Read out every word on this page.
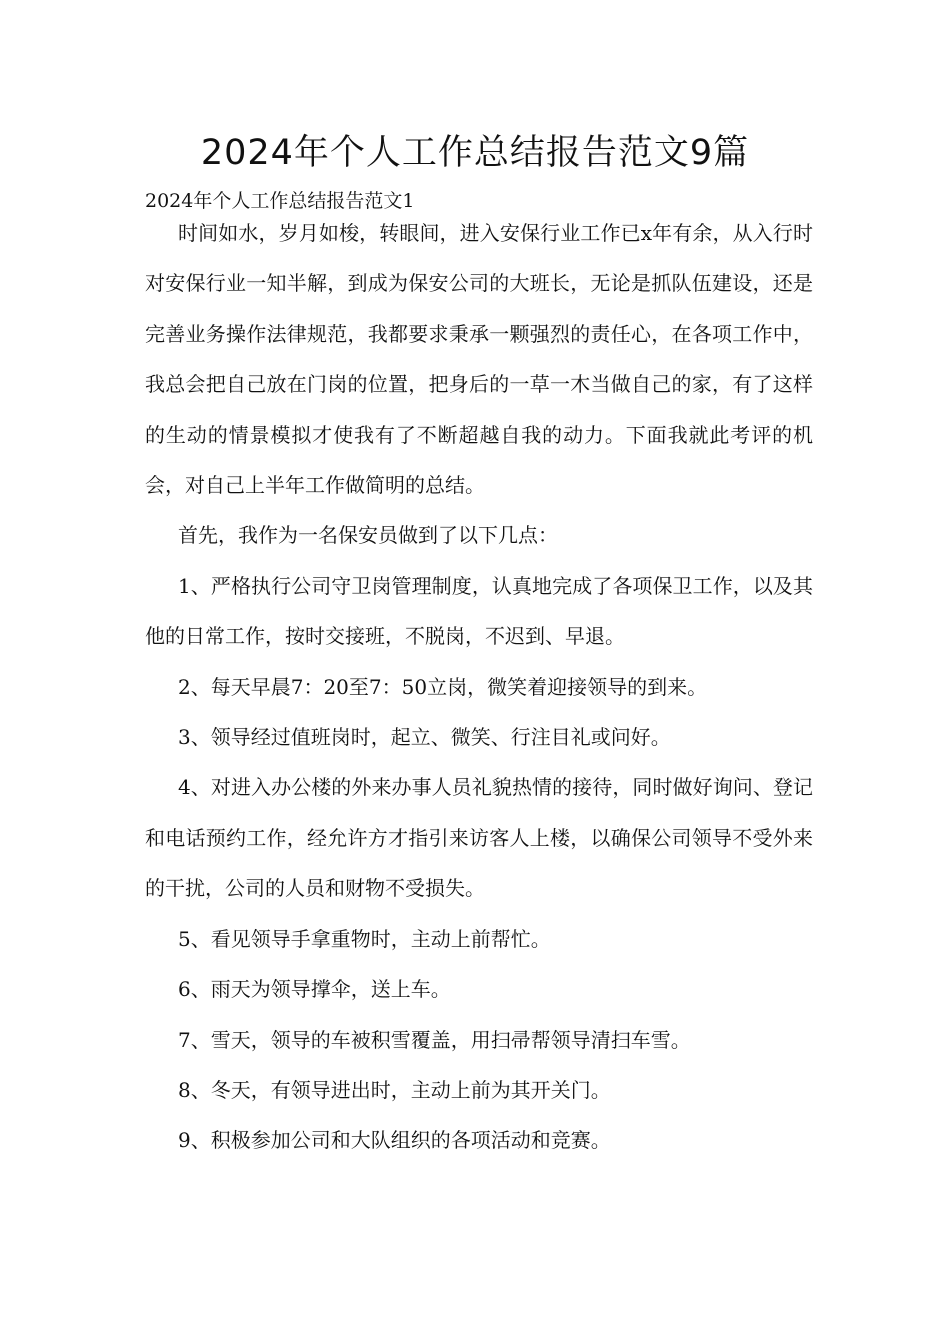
2024年个人工作总结报告范文9篇

2024年个人工作总结报告范文1

时间如水，岁月如梭，转眼间，进入安保行业工作已x年有余，从入行时对安保行业一知半解，到成为保安公司的大班长，无论是抓队伍建设，还是完善业务操作法律规范，我都要求秉承一颗强烈的责任心，在各项工作中，我总会把自己放在门岗的位置，把身后的一草一木当做自己的家，有了这样的生动的情景模拟才使我有了不断超越自我的动力。下面我就此考评的机会，对自己上半年工作做简明的总结。

首先，我作为一名保安员做到了以下几点：

1、严格执行公司守卫岗管理制度，认真地完成了各项保卫工作，以及其他的日常工作，按时交接班，不脱岗，不迟到、早退。

2、每天早晨7：20至7：50立岗，微笑着迎接领导的到来。

3、领导经过值班岗时，起立、微笑、行注目礼或问好。

4、对进入办公楼的外来办事人员礼貌热情的接待，同时做好询问、登记和电话预约工作，经允许方才指引来访客人上楼，以确保公司领导不受外来的干扰，公司的人员和财物不受损失。

5、看见领导手拿重物时，主动上前帮忙。

6、雨天为领导撑伞，送上车。

7、雪天，领导的车被积雪覆盖，用扫帚帮领导清扫车雪。

8、冬天，有领导进出时，主动上前为其开关门。

9、积极参加公司和大队组织的各项活动和竞赛。
